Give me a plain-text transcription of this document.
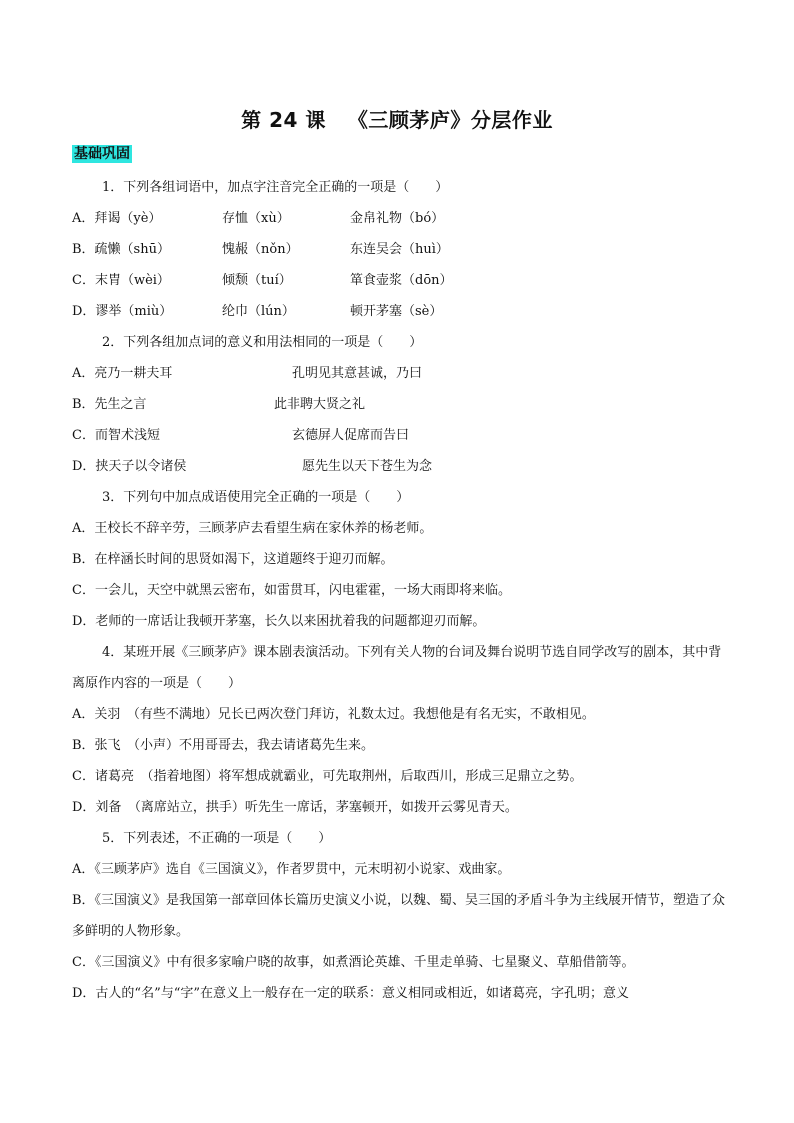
第 24 课 《三顾茅庐》分层作业
基础巩固
1．下列各组词语中，加点字注音完全正确的一项是（　　）
A．拜谒（yè）	存恤（xù）	金帛礼物（bó）
B．疏懒（shū）	愧赧（nǒn）	东连吴会（huì）
C．末胄（wèi）	倾颓（tuí）	箪食壶浆（dōn）
D．谬举（miù）	纶巾（lún）	顿开茅塞（sè）
2．下列各组加点词的意义和用法相同的一项是（　　）
A．亮乃一耕夫耳	孔明见其意甚诚，乃曰
B．先生之言	此非聘大贤之礼
C．而智术浅短	玄德屏人促席而告曰
D．挟天子以令诸侯	愿先生以天下苍生为念
3．下列句中加点成语使用完全正确的一项是（　　）
A．王校长不辞辛劳，三顾茅庐去看望生病在家休养的杨老师。
B．在梓涵长时间的思贤如渴下，这道题终于迎刃而解。
C．一会儿，天空中就黑云密布，如雷贯耳，闪电霍霍，一场大雨即将来临。
D．老师的一席话让我顿开茅塞，长久以来困扰着我的问题都迎刃而解。
4．某班开展《三顾茅庐》课本剧表演活动。下列有关人物的台词及舞台说明节选自同学改写的剧本，其中背离原作内容的一项是（　　）
A．关羽　（有些不满地）兄长已两次登门拜访，礼数太过。我想他是有名无实，不敢相见。
B．张飞　（小声）不用哥哥去，我去请诸葛先生来。
C．诸葛亮　（指着地图）将军想成就霸业，可先取荆州，后取西川，形成三足鼎立之势。
D．刘备　（离席站立，拱手）听先生一席话，茅塞顿开，如拨开云雾见青天。
5．下列表述，不正确的一项是（　　）
A．《三顾茅庐》选自《三国演义》，作者罗贯中，元末明初小说家、戏曲家。
B．《三国演义》是我国第一部章回体长篇历史演义小说，以魏、蜀、吴三国的矛盾斗争为主线展开情节，塑造了众多鲜明的人物形象。
C．《三国演义》中有很多家喻户晓的故事，如煮酒论英雄、千里走单骑、七星聚义、草船借箭等。
D．古人的“名”与“字”在意义上一般存在一定的联系：意义相同或相近，如诸葛亮，字孔明；意义
